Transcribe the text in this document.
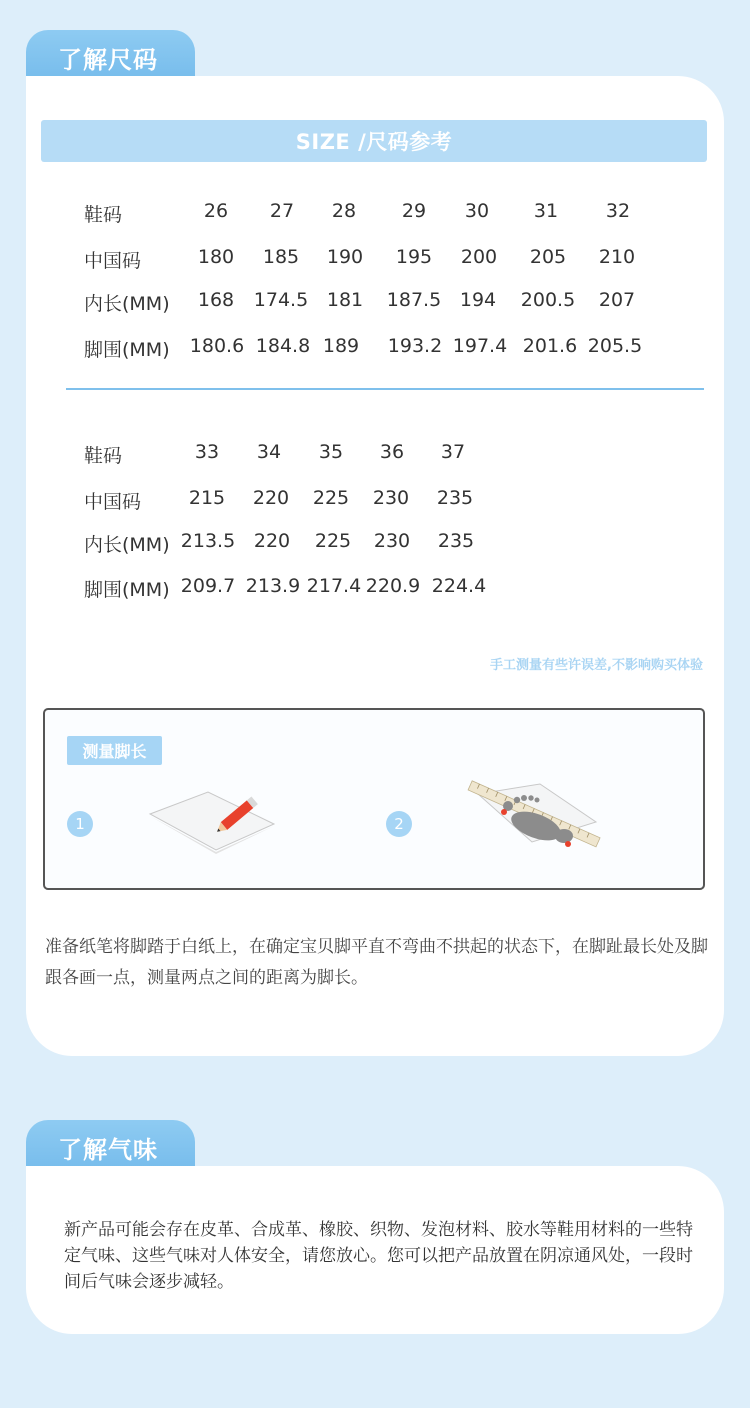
了解尺码
SIZE /尺码参考
鞋码
中国码
内长(MM)
脚围(MM)
26 27 28 29 30 31	32
180 185 190 195 200 205 210
168 174.5 181 187.5 194 200.5 207
180.6 184.8 189 193.2 197.4 201.6 205.5
鞋码
中国码
内长(MM)
脚围(MM)
33 34 35 36 37
215 220 225 230 235
213.5 220 225 230 235
209.7 213.9 217.4 220.9 224.4
手工测量有些许误差,不影响购买体验
测量脚长
1	2
准备纸笔将脚踏于白纸上，在确定宝贝脚平直不弯曲不拱起的状态下，在脚趾最长处及脚跟各画一点，测量两点之间的距离为脚长。
了解气味
新产品可能会存在皮革、合成革、橡胶、织物、发泡材料、胶水等鞋用材料的一些特定气味、这些气味对人体安全，请您放心。您可以把产品放置在阴凉通风处，一段时间后气味会逐步减轻。
